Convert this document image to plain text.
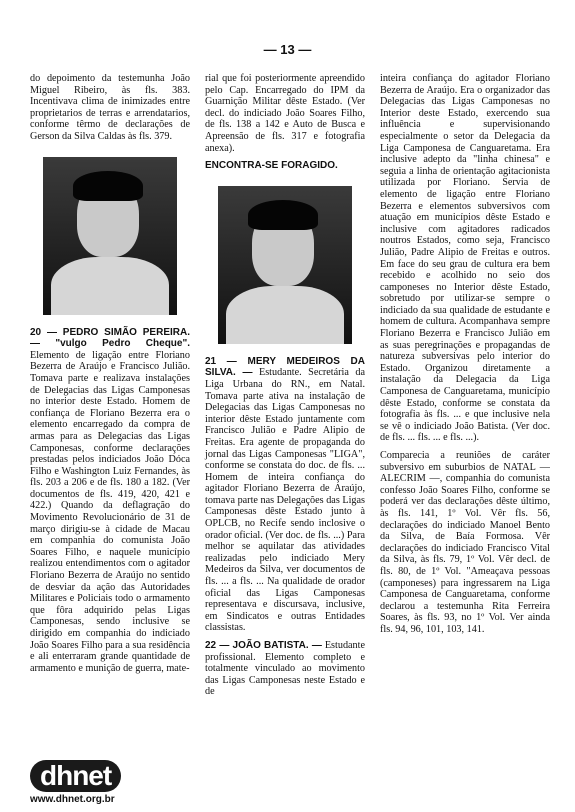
— 13 —

do depoimento da testemunha João Miguel Ribeiro, às fls. 383. Incentivava clima de inimizades entre proprietarios de terras e arrendatarios, conforme têrmo de declarações de Gerson da Silva Caldas às fls. 379.

20 — PEDRO SIMÃO PEREIRA. — "vulgo Pedro Cheque". Elemento de ligação entre Floriano Bezerra de Araújo e Francisco Julião. Tomava parte e realizava instalações de Delegacias das Ligas Camponesas no interior deste Estado. Homem de confiança de Floriano Bezerra era o elemento encarregado da compra de armas para as Delegacias das Ligas Camponesas, conforme declarações prestadas pelos indiciados João Dóca Filho e Washington Luiz Fernandes, às fls. 203 a 206 e de fls. 180 a 182. (Ver documentos de fls. 419, 420, 421 e 422.) Quando da deflagração do Movimento Revolucionário de 31 de março dirigiu-se à cidade de Macau em companhia do comunista João Soares Filho, e naquele município realizou entendimentos com o agitador Floriano Bezerra de Araújo no sentido de desviar da ação das Autoridades Militares e Policiais todo o armamento que fôra adquirido pelas Ligas Camponesas, sendo inclusive se dirigido em companhia do indiciado João Soares Filho para a sua residência e ali enterraram grande quantidade de armamento e munição de guerra, mate-

rial que foi posteriormente apreendido pelo Cap. Encarregado do IPM da Guarnição Militar dêste Estado. (Ver decl. do indiciado João Soares Filho, de fls. 138 a 142 e Auto de Busca e Apreensão de fls. 317 e fotografia anexa).

ENCONTRA-SE FORAGIDO.

21 — MERY MEDEIROS DA SILVA. — Estudante. Secretária da Liga Urbana do RN., em Natal. Tomava parte ativa na instalação de Delegacias das Ligas Camponesas no interior dêste Estado juntamente com Francisco Julião e Padre Alipio de Freitas. Era agente de propaganda do jornal das Ligas Camponesas "LIGA", conforme se constata do doc. de fls. ... Homem de inteira confiança do agitador Floriano Bezerra de Araújo, tomava parte nas Delegações das Ligas Camponesas dêste Estado junto à OPLCB, no Recife sendo inclosive o orador oficial. (Ver doc. de fls. ...) Para melhor se aquilatar das atividades realizadas pelo indiciado Mery Medeiros da Silva, ver documentos de fls. ... a fls. ... Na qualidade de orador oficial das Ligas Camponesas representava e discursava, inclusive, em Sindicatos e outras Entidades classistas.

22 — JOÃO BATISTA. — Estudante profissional. Elemento completo e totalmente vinculado ao movimento das Ligas Camponesas neste Estado e de

inteira confiança do agitador Floriano Bezerra de Araújo. Era o organizador das Delegacias das Ligas Camponesas no Interior deste Estado, exercendo sua influência e supervisionando especialmente o setor da Delegacia da Liga Camponesa de Canguaretama. Era inclusive adepto da "linha chinesa" e seguia a linha de orientação agitacionista utilizada por Floriano. Servia de elemento de ligação entre Floriano Bezerra e elementos subversivos com atuação em municípios dêste Estado e inclusive com agitadores radicados noutros Estados, como seja, Francisco Julião, Padre Alipio de Freitas e outros. Em face do seu grau de cultura era bem recebido e acolhido no seio dos camponeses no Interior dêste Estado, sobretudo por utilizar-se sempre o indiciado da sua qualidade de estudante e homem de cultura. Acompanhava sempre Floriano Bezerra e Francisco Julião em as suas peregrinações e propagandas de natureza subversivas pelo interior do Estado. Organizou diretamente a instalação da Delegacia da Liga Camponesa de Canguaretama, município dêste Estado, conforme se constata da fotografia às fls. ... e que inclusive nela se vê o indiciado João Batista. (Ver doc. de fls. ... fls. ... e fls. ...).

Comparecia a reuniões de caráter subversivo em suburbios de NATAL — ALECRIM —, companhia do comunista confesso João Soares Filho, conforme se poderá ver das declarações dêste último, às fls. 141, 1º Vol. Vêr fls. 56, declarações do indiciado Manoel Bento da Silva, de Baía Formosa. Vêr declarações do indiciado Francisco Vital da Silva, às fls. 79, 1º Vol. Vêr decl. de fls. 80, de 1º Vol. "Ameaçava pessoas (camponeses) para ingressarem na Liga Camponesa de Canguaretama, conforme declarou a testemunha Rita Ferreira Soares, às fls. 93, no 1º Vol. Ver ainda fls. 94, 96, 101, 103, 141.

dhnet
www.dhnet.org.br
